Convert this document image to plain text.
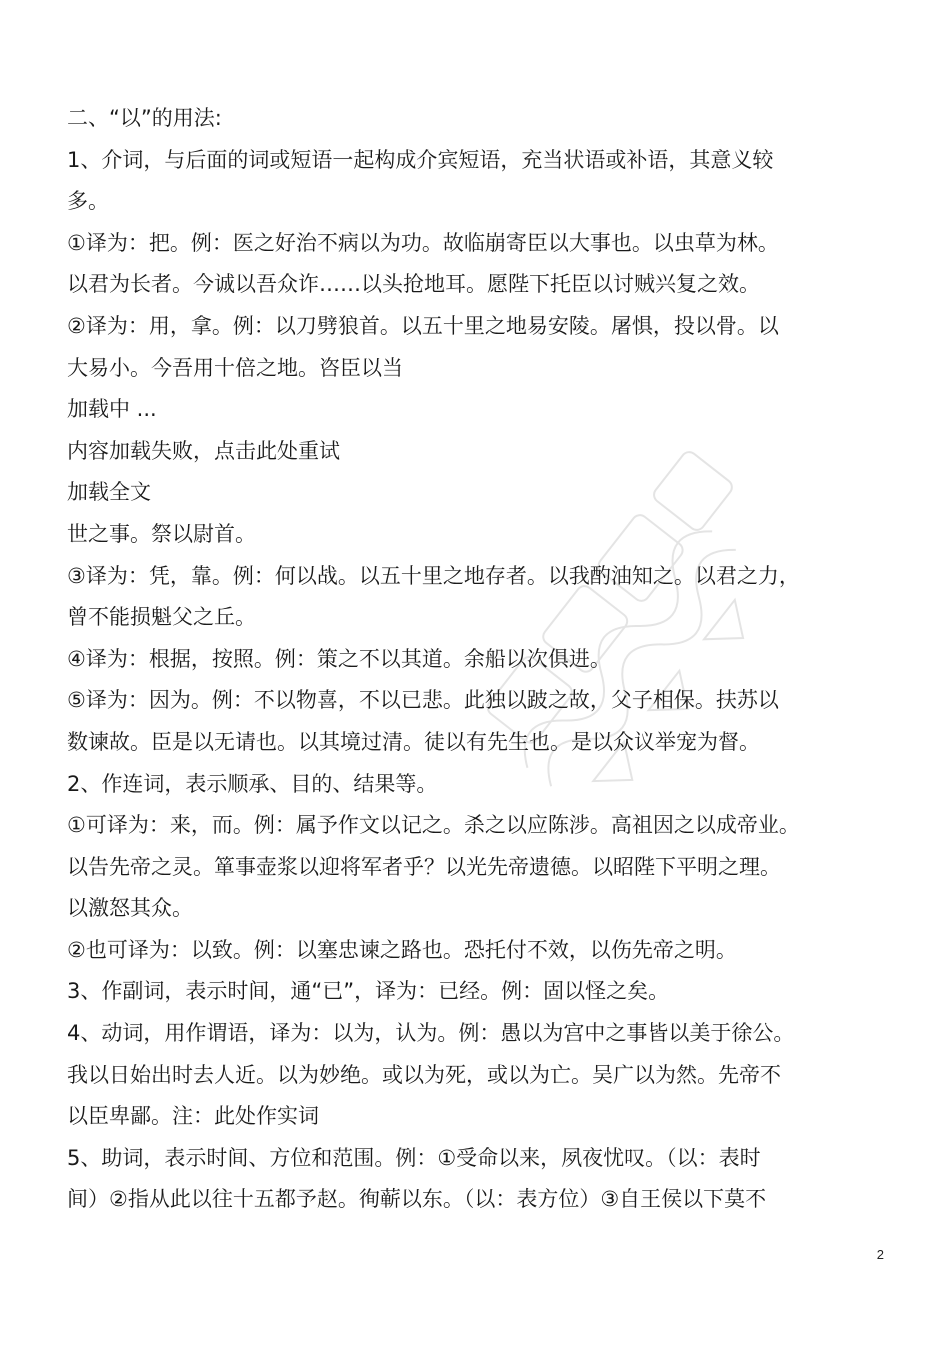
二、“以”的用法:
1、介词，与后面的词或短语一起构成介宾短语，充当状语或补语，其意义较
多。
①译为：把。例：医之好治不病以为功。故临崩寄臣以大事也。以虫草为林。
以君为长者。今诚以吾众诈……以头抢地耳。愿陛下托臣以讨贼兴复之效。
②译为：用，拿。例：以刀劈狼首。以五十里之地易安陵。屠惧，投以骨。以
大易小。今吾用十倍之地。咨臣以当
加载中 ...
内容加载失败，点击此处重试
加载全文
世之事。祭以尉首。
③译为：凭，靠。例：何以战。以五十里之地存者。以我酌油知之。以君之力，
曾不能损魁父之丘。
④译为：根据，按照。例：策之不以其道。余船以次俱进。
⑤译为：因为。例：不以物喜，不以已悲。此独以跛之故，父子相保。扶苏以
数谏故。臣是以无请也。以其境过清。徒以有先生也。是以众议举宠为督。
2、作连词，表示顺承、目的、结果等。
①可译为：来，而。例：属予作文以记之。杀之以应陈涉。高祖因之以成帝业。
以告先帝之灵。箪事壶浆以迎将军者乎？以光先帝遗德。以昭陛下平明之理。
以激怒其众。
②也可译为：以致。例：以塞忠谏之路也。恐托付不效，以伤先帝之明。
3、作副词，表示时间，通“已”，译为：已经。例：固以怪之矣。
4、动词，用作谓语，译为：以为，认为。例：愚以为宫中之事皆以美于徐公。
我以日始出时去人近。以为妙绝。或以为死，或以为亡。吴广以为然。先帝不
以臣卑鄙。注：此处作实词
5、助词，表示时间、方位和范围。例：①受命以来，夙夜忧叹。（以：表时
间）②指从此以往十五都予赵。徇蕲以东。（以：表方位）③自王侯以下莫不
2
